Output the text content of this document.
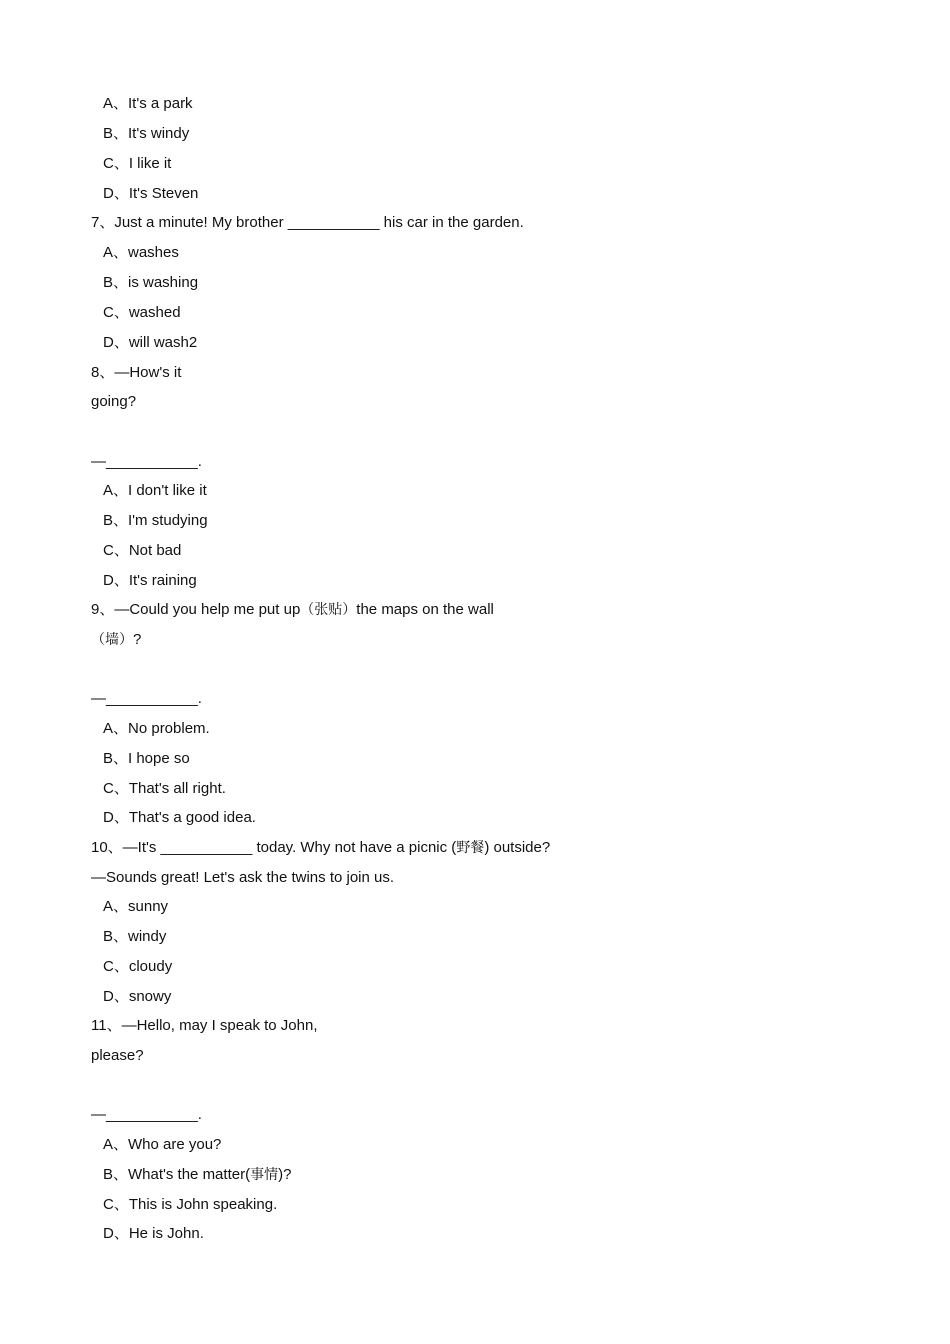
A、It's a park
B、It's windy
C、I like it
D、It's Steven
7、Just a minute! My brother ___________ his car in the garden.
A、washes
B、is washing
C、washed
D、will wash2
8、—How's it
going?
—___________.
A、I don't like it
B、I'm studying
C、Not bad
D、It's raining
9、—Could you help me put up（张贴）the maps on the wall
（墙）?
—___________.
A、No problem.
B、I hope so
C、That's all right.
D、That's a good idea.
10、—It's ___________ today. Why not have a picnic (野餐) outside?
—Sounds great! Let's ask the twins to join us.
A、sunny
B、windy
C、cloudy
D、snowy
11、—Hello, may I speak to John,
please?
—___________.
A、Who are you?
B、What's the matter(事情)?
C、This is John speaking.
D、He is John.
